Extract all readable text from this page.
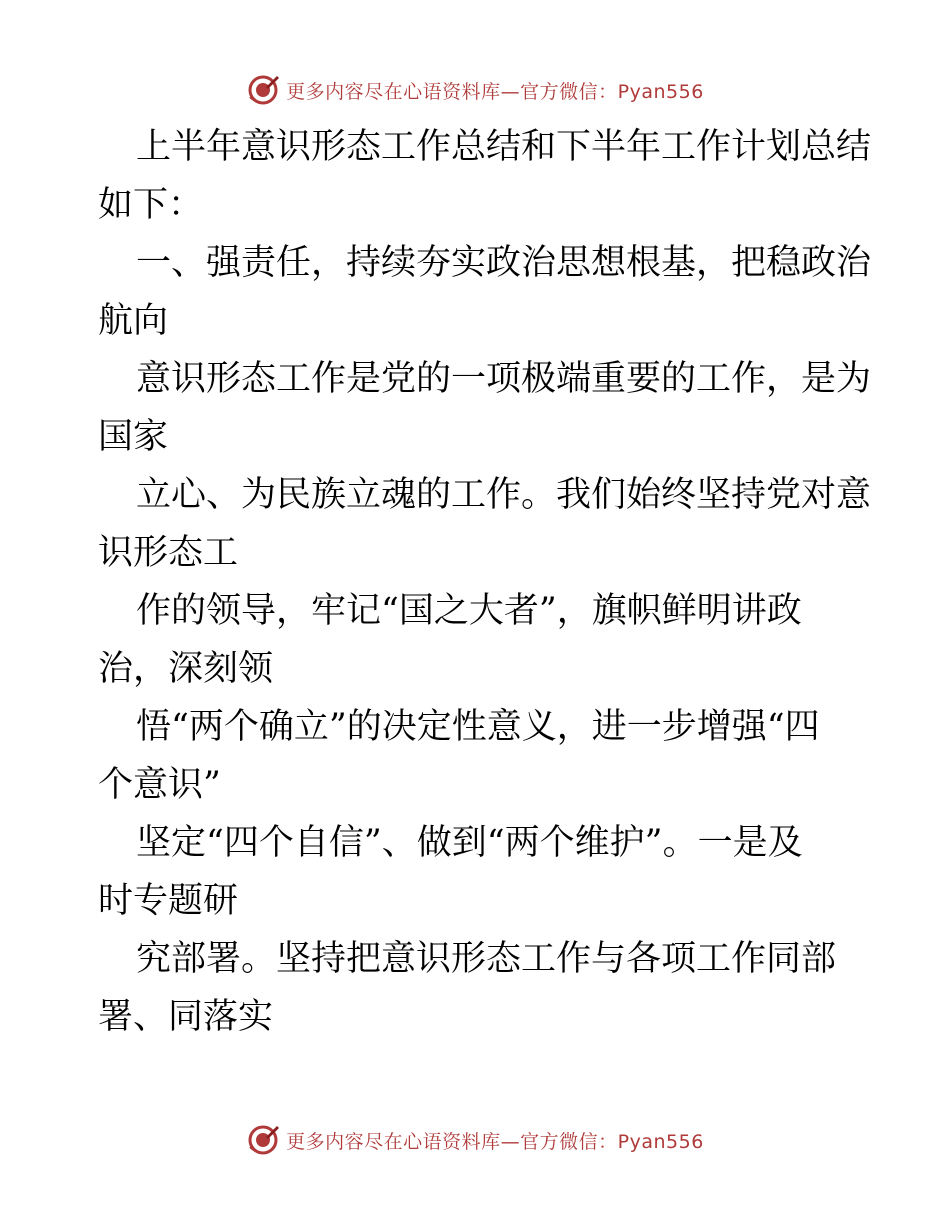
更多内容尽在心语资料库—官方微信：Pyan556

上半年意识形态工作总结和下半年工作计划总结
如下：

一、强责任，持续夯实政治思想根基，把稳政治
航向

意识形态工作是党的一项极端重要的工作，是为
国家

立心、为民族立魂的工作。我们始终坚持党对意
识形态工

作的领导，牢记“国之大者”，旗帜鲜明讲政
治，深刻领

悟“两个确立”的决定性意义，进一步增强“四
个意识”

坚定“四个自信”、做到“两个维护”。一是及
时专题研

究部署。坚持把意识形态工作与各项工作同部
署、同落实

更多内容尽在心语资料库—官方微信：Pyan556
